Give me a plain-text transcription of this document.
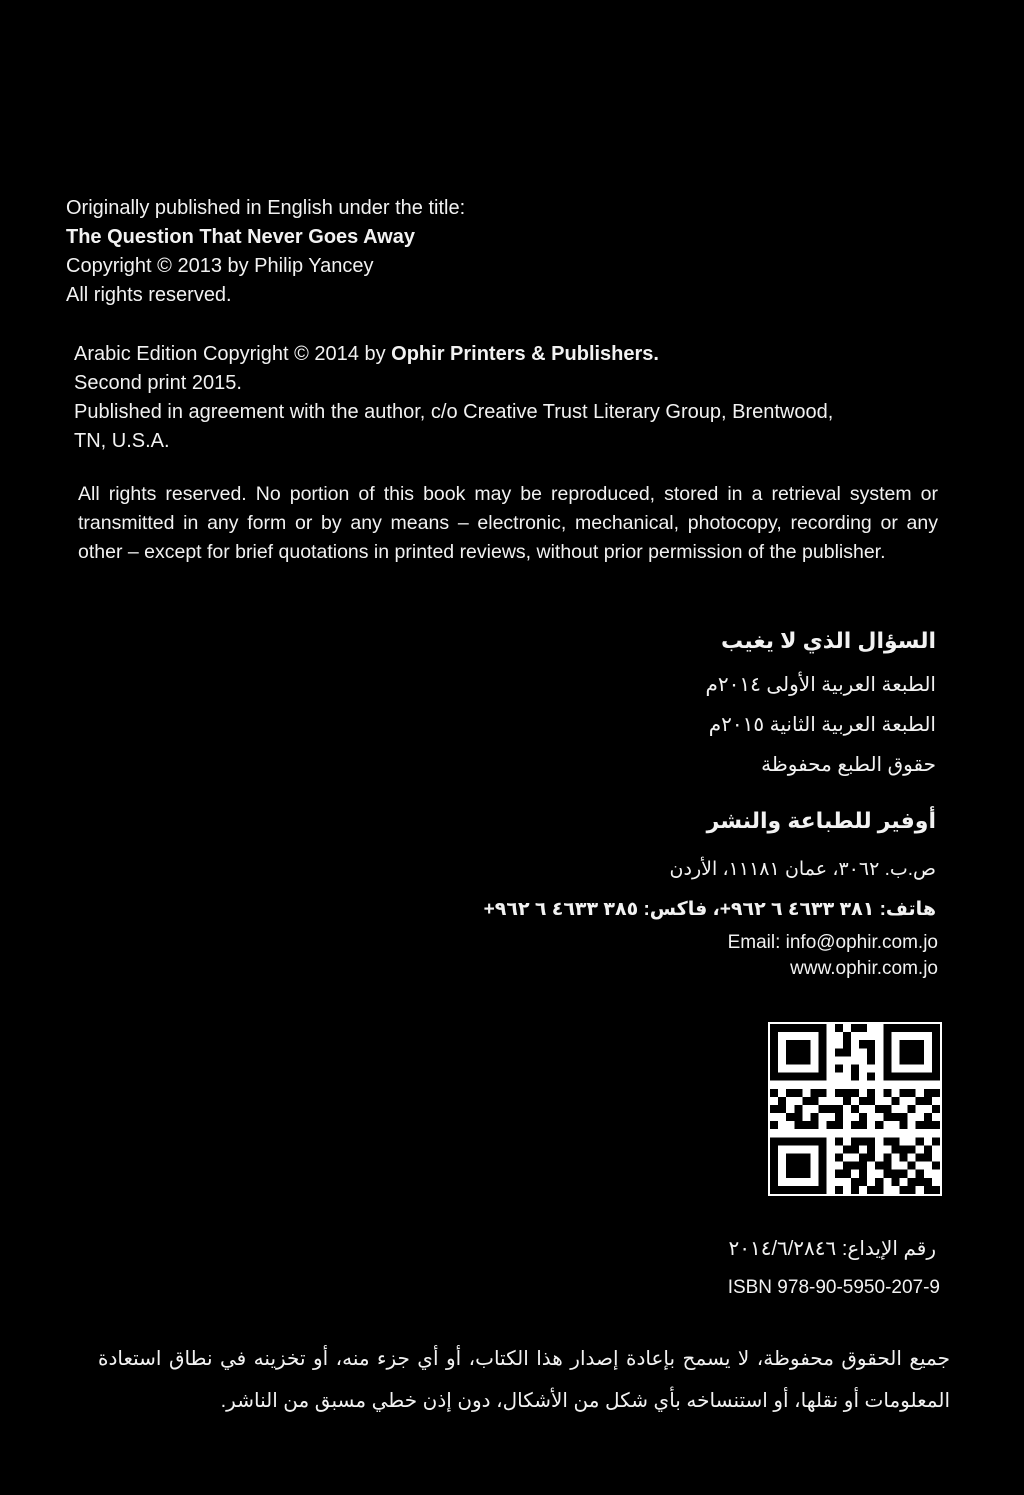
Originally published in English under the title:
The Question That Never Goes Away
Copyright © 2013 by Philip Yancey
All rights reserved.
Arabic Edition Copyright © 2014 by Ophir Printers & Publishers.
Second print 2015.
Published in agreement with the author, c/o Creative Trust Literary Group, Brentwood,
TN, U.S.A.

All rights reserved. No portion of this book may be reproduced, stored in a retrieval system or transmitted in any form or by any means – electronic, mechanical, photocopy, recording or any other – except for brief quotations in printed reviews, without prior permission of the publisher.

السؤال الذي لا يغيب
الطبعة العربية الأولى ٢٠١٤م
الطبعة العربية الثانية ٢٠١٥م
حقوق الطبع محفوظة
أوفير للطباعة والنشر
ص.ب. ٣٠٦٢، عمان ١١١٨١، الأردن
هاتف: ٣٨١ ٤٦٣٣ ٦ ٩٦٢+، فاكس: ٣٨٥ ٤٦٣٣ ٦ ٩٦٢+
Email: info@ophir.com.jo
www.ophir.com.jo
رقم الإيداع: ٢٠١٤/٦/٢٨٤٦
ISBN 978-90-5950-207-9
جميع الحقوق محفوظة، لا يسمح بإعادة إصدار هذا الكتاب، أو أي جزء منه، أو تخزينه في نطاق استعادة المعلومات أو نقلها، أو استنساخه بأي شكل من الأشكال، دون إذن خطي مسبق من الناشر.
